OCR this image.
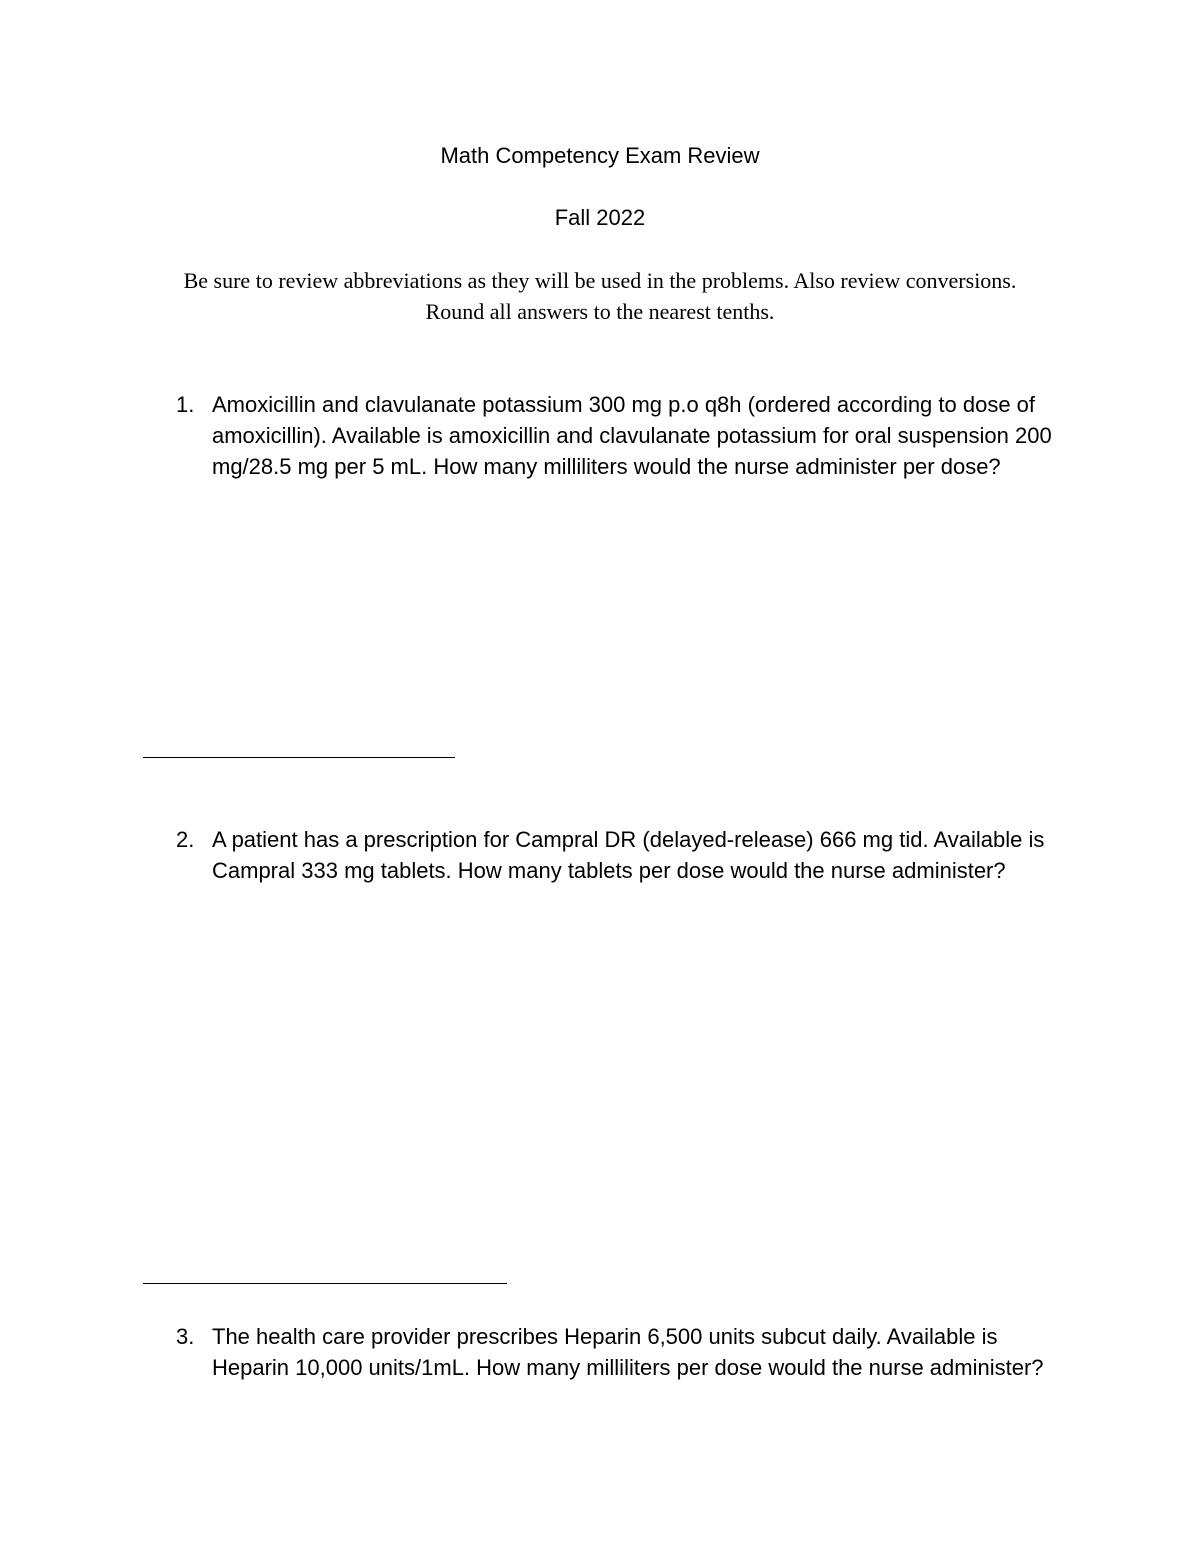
Math Competency Exam Review
Fall 2022
Be sure to review abbreviations as they will be used in the problems. Also review conversions.
Round all answers to the nearest tenths.
1. Amoxicillin and clavulanate potassium 300 mg p.o q8h (ordered according to dose of amoxicillin). Available is amoxicillin and clavulanate potassium for oral suspension 200 mg/28.5 mg per 5 mL. How many milliliters would the nurse administer per dose?
2. A patient has a prescription for Campral DR (delayed-release) 666 mg tid. Available is Campral 333 mg tablets. How many tablets per dose would the nurse administer?
3. The health care provider prescribes Heparin 6,500 units subcut daily. Available is Heparin 10,000 units/1mL. How many milliliters per dose would the nurse administer?
